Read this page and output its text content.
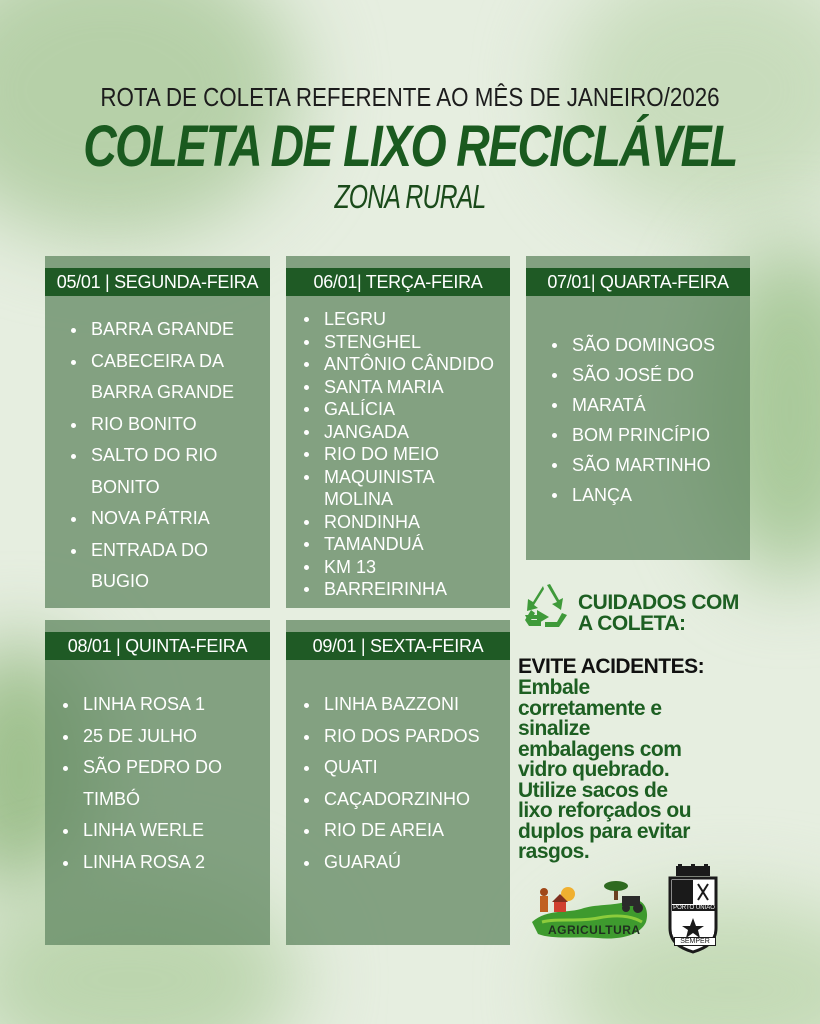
ROTA DE COLETA REFERENTE AO MÊS DE JANEIRO/2026
COLETA DE LIXO RECICLÁVEL
ZONA RURAL
05/01 | SEGUNDA-FEIRA
BARRA GRANDE
CABECEIRA DA
BARRA GRANDE
RIO BONITO
SALTO DO RIO
BONITO
NOVA PÁTRIA
ENTRADA DO
BUGIO
06/01| TERÇA-FEIRA
LEGRU
STENGHEL
ANTÔNIO CÂNDIDO
SANTA MARIA
GALÍCIA
JANGADA
RIO DO MEIO
MAQUINISTA
MOLINA
RONDINHA
TAMANDUÁ
KM 13
BARREIRINHA
07/01| QUARTA-FEIRA
SÃO DOMINGOS
SÃO JOSÉ DO
MARATÁ
BOM PRINCÍPIO
SÃO MARTINHO
LANÇA
08/01 | QUINTA-FEIRA
LINHA ROSA 1
25 DE JULHO
SÃO PEDRO DO
TIMBÓ
LINHA WERLE
LINHA ROSA 2
09/01 | SEXTA-FEIRA
LINHA BAZZONI
RIO DOS PARDOS
QUATI
CAÇADORZINHO
RIO DE AREIA
GUARAÚ
CUIDADOS COM
A COLETA:
EVITE ACIDENTES:
Embale
corretamente e
sinalize
embalagens com
vidro quebrado.
Utilize sacos de
lixo reforçados ou
duplos para evitar
rasgos.
AGRICULTURA
PORTO UNIÃO
SEMPER
